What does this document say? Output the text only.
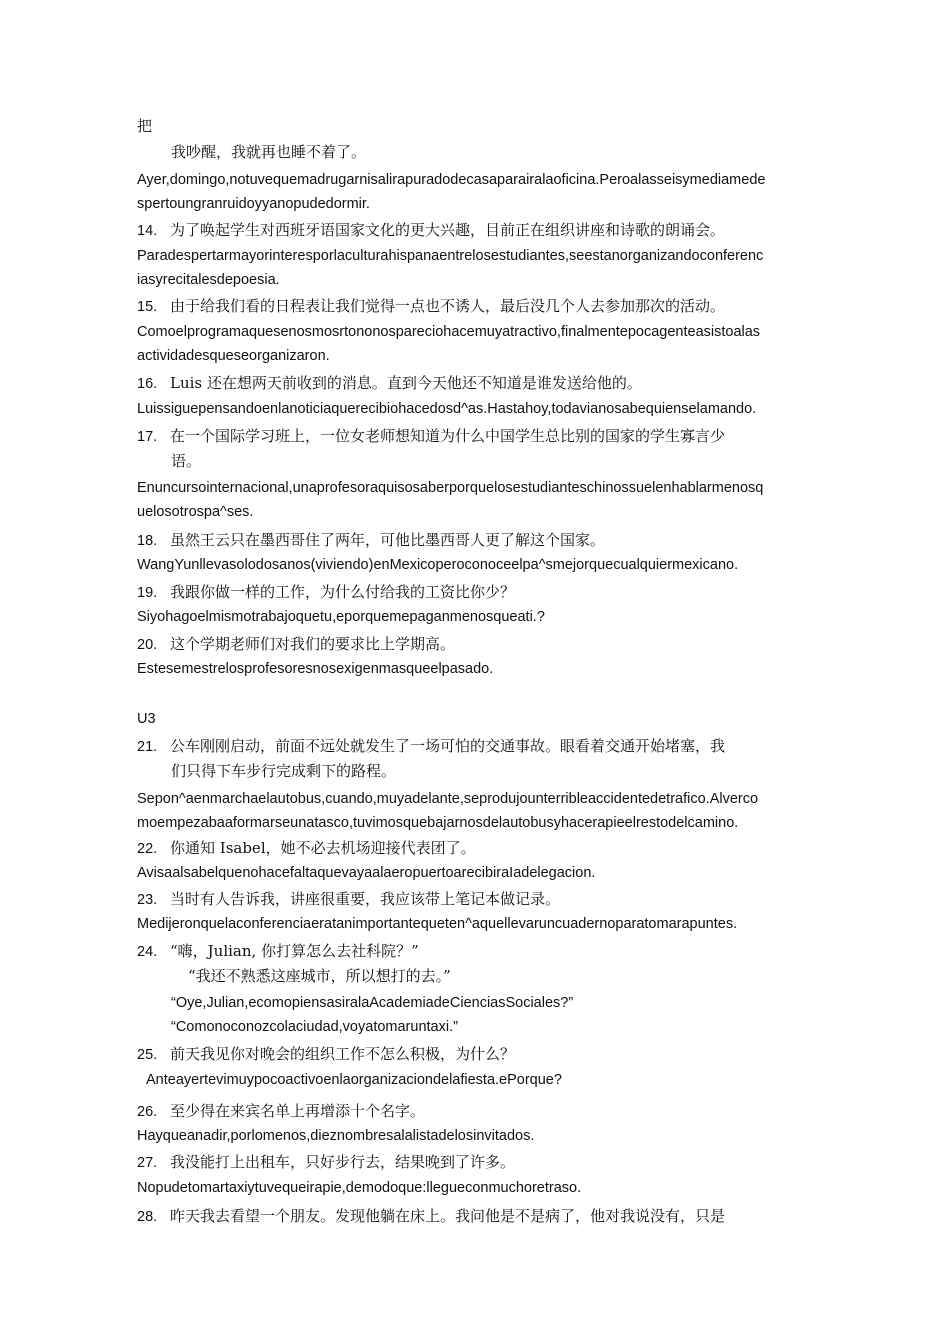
把
我吵醒，我就再也睡不着了。
Ayer,domingo,notuvequemadrugarnisalirapuradodecasaparairalaoficina.Peroalasseisymediamede
spertoungranruidoyyanopudedormir.
14. 为了唤起学生对西班牙语国家文化的更大兴趣，目前正在组织讲座和诗歌的朗诵会。
Paradespertarmayorinteresporlaculturahispanaentrelosestudiantes,seestanorganizandoconferenc
iasyrecitalesdepoesia.
15. 由于给我们看的日程表让我们觉得一点也不诱人，最后没几个人去参加那次的活动。
Comoelprogramaquesenosmosrtononospareciohacemuyatractivo,finalmentepocagenteasistoalas
actividadesqueseorganizaron.
16. Luis 还在想两天前收到的消息。直到今天他还不知道是谁发送给他的。
Luissiguepensandoenlanoticiaquerecibiohacedosd^as.Hastahoy,todavianosabequienselamando.
17. 在一个国际学习班上，一位女老师想知道为什么中国学生总比别的国家的学生寡言少
语。
Enuncursointernacional,unaprofesoraquisosaberporquelosestudianteschinossuelenhablarmenosq
uelosotrospa^ses.
18. 虽然王云只在墨西哥住了两年，可他比墨西哥人更了解这个国家。
WangYunllevasolodosanos(viviendo)enMexicoperoconoceelpa^smejorquecualquiermexicano.
19. 我跟你做一样的工作，为什么付给我的工资比你少？
Siyohagoelmismotrabajoquetu,eporquemepaganmenosqueati.?
20. 这个学期老师们对我们的要求比上学期高。
Estesemestrelosprofesoresnosexigenmasqueelpasado.
U3
21. 公车刚刚启动，前面不远处就发生了一场可怕的交通事故。眼看着交通开始堵塞，我
们只得下车步行完成剩下的路程。
Sepon^aenmarchaelautobus,cuando,muyadelante,seprodujounterribleaccidentedetrafico.Alverco
moempezabaaformarseunatasco,tuvimosquebajarnosdelautobusyhacerapieelrestodelcamino.
22. 你通知 Isabel，她不必去机场迎接代表团了。
AvisaalsabelquenohacefaltaquevayaalaeropuertoarecibiraIadelegacion.
23. 当时有人告诉我，讲座很重要，我应该带上笔记本做记录。
Medijeronquelaconferenciaeratanimportantequeten^aquellevaruncuadernoparatomarapuntes.
24. “嗨，Julian, 你打算怎么去社科院？”
“我还不熟悉这座城市，所以想打的去。”
“Oye,Julian,ecomopiensasiralaAcademiadeCienciasSociales?”
“Comonoconozcolaciudad,voyatomaruntaxi.”
25. 前天我见你对晚会的组织工作不怎么积极，为什么？
Anteayertevimuypocoactivoenlaorganizaciondelafiesta.ePorque?
26. 至少得在来宾名单上再增添十个名字。
Hayqueanadir,porlomenos,dieznombresalalistadelosinvitados.
27. 我没能打上出租车，只好步行去，结果晚到了许多。
Nopudetomartaxiytuvequeirapie,demodoque:llegueconmuchoretraso.
28. 昨天我去看望一个朋友。发现他躺在床上。我问他是不是病了，他对我说没有，只是
